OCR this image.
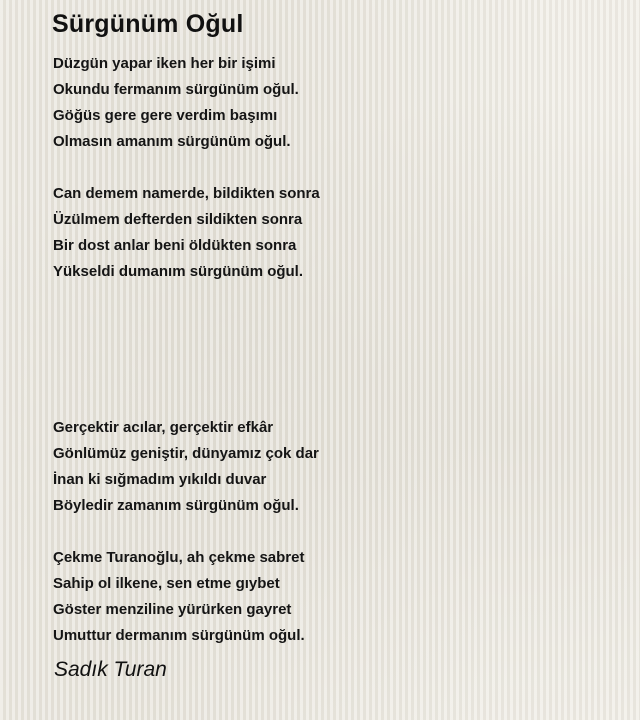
Sürgünüm Oğul
Düzgün yapar iken her bir işimi
Okundu fermanım sürgünüm oğul.
Göğüs gere gere verdim başımı
Olmasın amanım sürgünüm oğul.
Can demem namerde, bildikten sonra
Üzülmem defterden sildikten sonra
Bir dost anlar beni öldükten sonra
Yükseldi dumanım sürgünüm oğul.
Gerçektir acılar, gerçektir efkâr
Gönlümüz geniştir, dünyamız çok dar
İnan ki sığmadım yıkıldı duvar
Böyledir zamanım sürgünüm oğul.
Çekme Turanoğlu, ah çekme sabret
Sahip ol ilkene, sen etme gıybet
Göster menziline yürürken gayret
Umuttur dermanım sürgünüm oğul.
Sadık Turan
